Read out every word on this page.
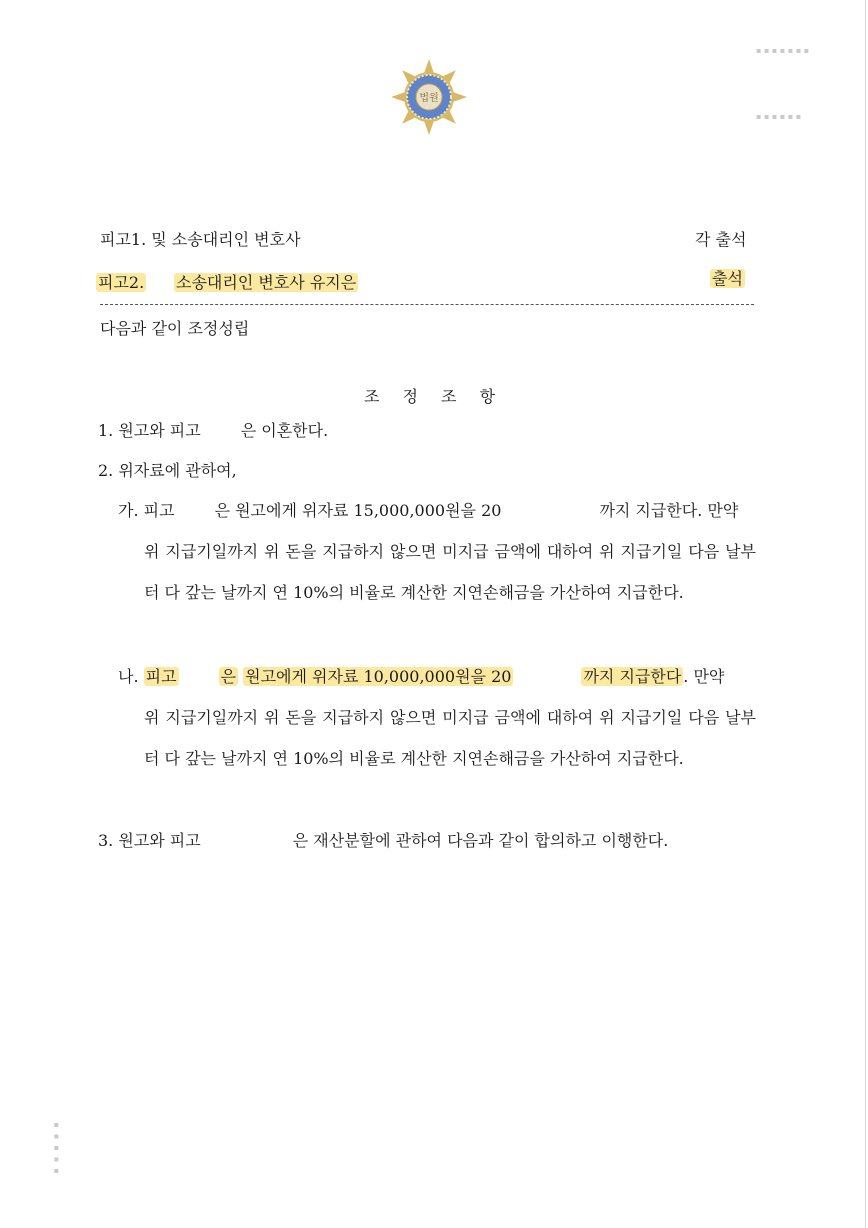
법원
▪ ▪ ▪ ▪ ▪ ▪ ▪
▪ ▪ ▪ ▪ ▪ ▪
▪ ▪ ▪ ▪ ▪
피고1. 및 소송대리인 변호사	각 출석
피고2. 소송대리인 변호사 유지은	출석
다음과 같이 조정성립
조 정 조 항
1. 원고와 피고	은 이혼한다.
2. 위자료에 관하여,
가. 피고	은 원고에게 위자료 15,000,000원을 20	까지 지급한다. 만약
위 지급기일까지 위 돈을 지급하지 않으면 미지급 금액에 대하여 위 지급기일 다음 날부터 다 갚는 날까지 연 10%의 비율로 계산한 지연손해금을 가산하여 지급한다.
나. 피고	은 원고에게 위자료 10,000,000원을 20	까지 지급한다 . 만약
위 지급기일까지 위 돈을 지급하지 않으면 미지급 금액에 대하여 위 지급기일 다음 날부터 다 갚는 날까지 연 10%의 비율로 계산한 지연손해금을 가산하여 지급한다.
3. 원고와 피고	은 재산분할에 관하여 다음과 같이 합의하고 이행한다.
